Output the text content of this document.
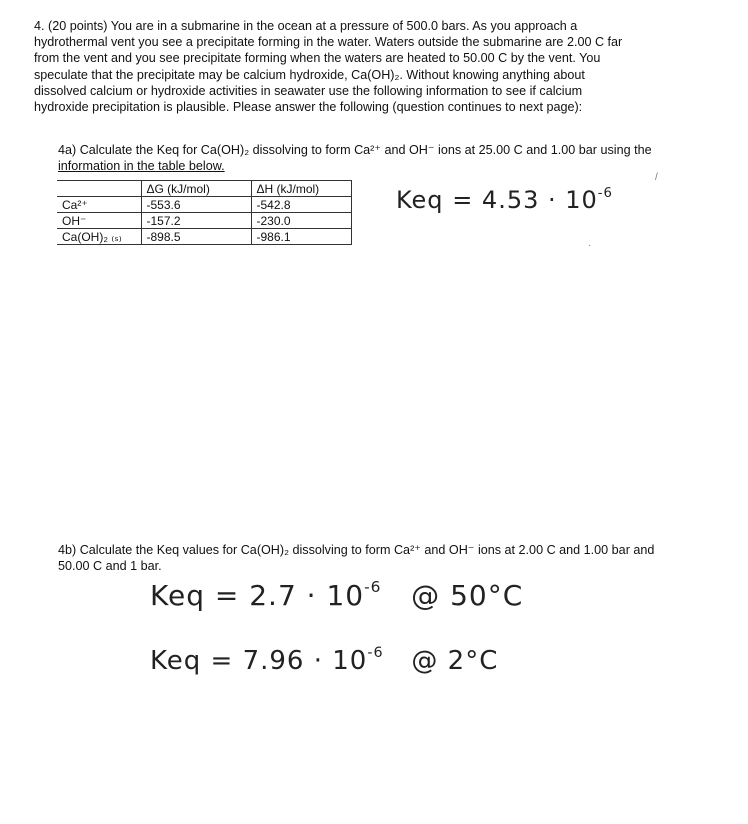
4. (20 points) You are in a submarine in the ocean at a pressure of 500.0 bars. As you approach a

hydrothermal vent you see a precipitate forming in the water. Waters outside the submarine are 2.00 C far

from the vent and you see precipitate forming when the waters are heated to 50.00 C by the vent. You

speculate that the precipitate may be calcium hydroxide, Ca(OH)₂. Without knowing anything about

dissolved calcium or hydroxide activities in seawater use the following information to see if calcium

hydroxide precipitation is plausible. Please answer the following (question continues to next page):

4a) Calculate the Keq for Ca(OH)₂ dissolving to form Ca²⁺ and OH⁻ ions at 25.00 C and 1.00 bar using the
information in the table below.
	ΔG (kJ/mol)	ΔH (kJ/mol)
Ca²⁺	-553.6	-542.8
OH⁻	-157.2	-230.0
Ca(OH)₂ ₍ₛ₎	-898.5	-986.1
Keq = $4.53 \cdot 10^{-6}$
/
·
4b) Calculate the Keq values for Ca(OH)₂ dissolving to form Ca²⁺ and OH⁻ ions at 2.00 C and 1.00 bar and
50.00 C and 1 bar.
Keq = $2.7 \cdot 10^{-6}$ @ 50°C
Keq = $7.96 \cdot 10^{-6}$ @ 2°C
